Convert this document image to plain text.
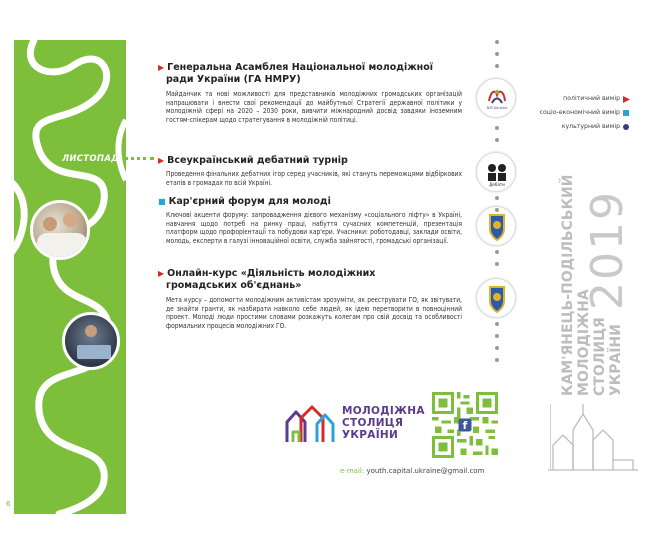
ЛИСТОПАД
6
▶ Генеральна Асамблея Національної молодіжної
ради України (ГА НМРУ)
Майданчик та нові можливості для представників молодіжних громадських організацій напрацювати і внести свої рекомендації до майбутньої Стратегії державної політики у молодіжній сфері на 2020 – 2030 роки, вивчити міжнародний досвід завдяки іноземним гостям-спікерам щодо стратегування в молодіжній політиці.
▶ Всеукраїнський дебатний турнір
Проведення фінальних дебатних ігор серед учасників, які стануть переможцями відбіркових етапів в громадах по всій Україні.
■ Кар'єрний форум для молоді
Ключові акценти форуму: запровадження дієвого механізму «соціального ліфту» в Україні, навчання щодо потреб на ринку праці, набуття сучасних компетенцій, презентація платформ щодо профорієнтації та побудови кар'єри. Учасники: роботодавці, заклади освіти, молодь, експерти в галузі інноваційної освіти, служба зайнятості, громадські організації.
▶ Онлайн-курс «Діяльність молодіжних
громадських об'єднань»
Мета курсу – допомогти молодіжним активістам зрозуміти, як реєструвати ГО, як звітувати, де знайти гранти, як назбирати навколо себе людей, як ідею перетворити в повноцінний проект. Молоді люди простими словами розкажуть колегам про свій досвід та особливості формальних процесів молодіжних ГО.
NYCUkraine
Дебати
політичний вимір
соціо-економічний вимір
культурний вимір
КАМ'ЯНЕЦЬ-ПОДІЛЬСЬКИЙ МОЛОДІЖНА СТОЛИЦЯ УКРАЇНИ
2019
МОЛОДІЖНА
СТОЛИЦЯ
УКРАЇНИ
f
e-mail: youth.capital.ukraine@gmail.com
